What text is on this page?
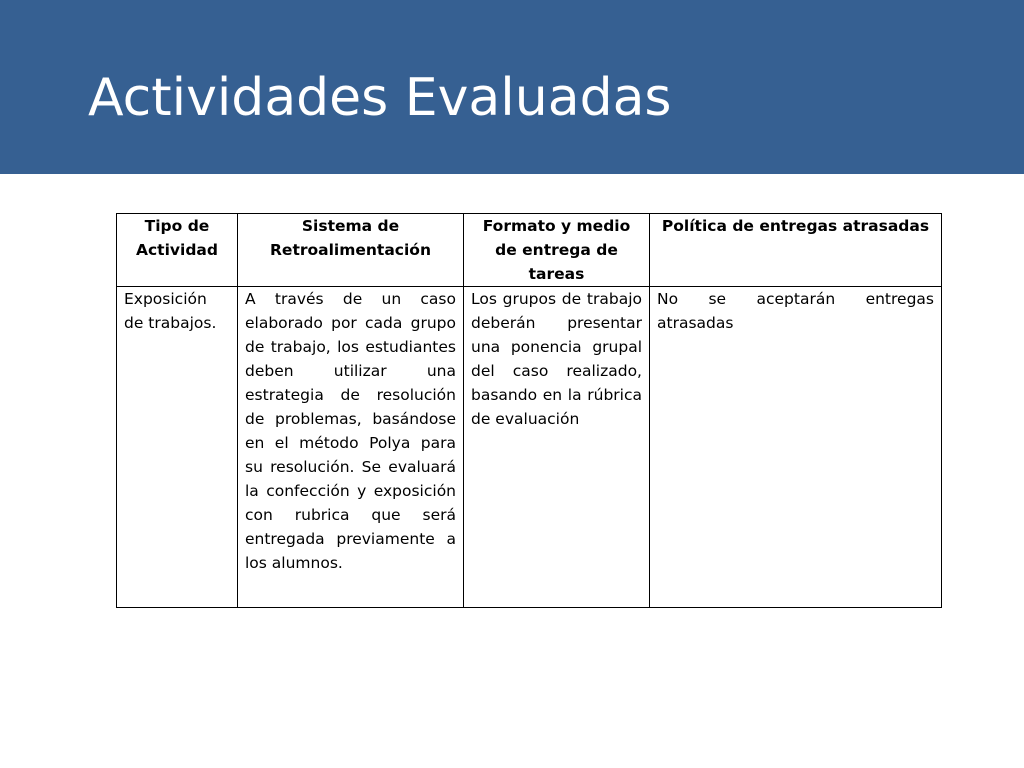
Actividades Evaluadas
Tipo de Actividad	Sistema de Retroalimentación	Formato y medio de entrega de tareas	Política de entregas atrasadas
Exposición de trabajos.	A través de un caso elaborado por cada grupo de trabajo, los estudiantes deben utilizar una estrategia de resolución de problemas, basándose en el método Polya para su resolución. Se evaluará la confección y exposición con rubrica que será entregada previamente a los alumnos.	Los grupos de trabajo deberán presentar una ponencia grupal del caso realizado, basando en la rúbrica de evaluación	No se aceptarán entregas atrasadas
